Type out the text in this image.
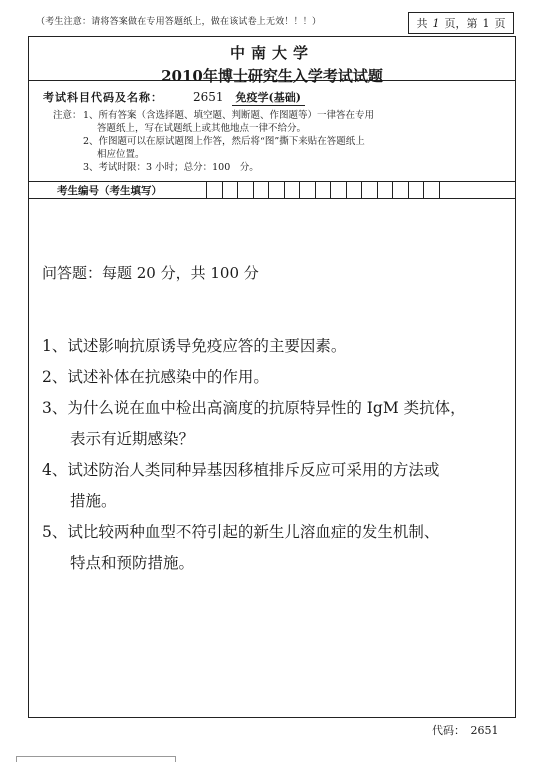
（考生注意：请将答案做在专用答题纸上，做在该试卷上无效！！！）	共 1 页，第 1 页
中南大学
2010年博士研究生入学考试试题
考试科目代码及名称：	2651	免疫学(基础)
注意： 1、所有答案（含选择题、填空题、判断题、作图题等）一律答在专用
答题纸上，写在试题纸上或其他地点一律不给分。
2、作图题可以在原试题图上作答，然后将“图”撕下来贴在答题纸上
相应位置。
3、考试时限：3 小时；总分：100　分。
考生编号（考生填写）
问答题：每题 20 分，共 100 分
1、试述影响抗原诱导免疫应答的主要因素。
2、试述补体在抗感染中的作用。
3、为什么说在血中检出高滴度的抗原特异性的 IgM 类抗体，
表示有近期感染？
4、试述防治人类同种异基因移植排斥反应可采用的方法或
措施。
5、试比较两种血型不符引起的新生儿溶血症的发生机制、
特点和预防措施。
代码：　2651
